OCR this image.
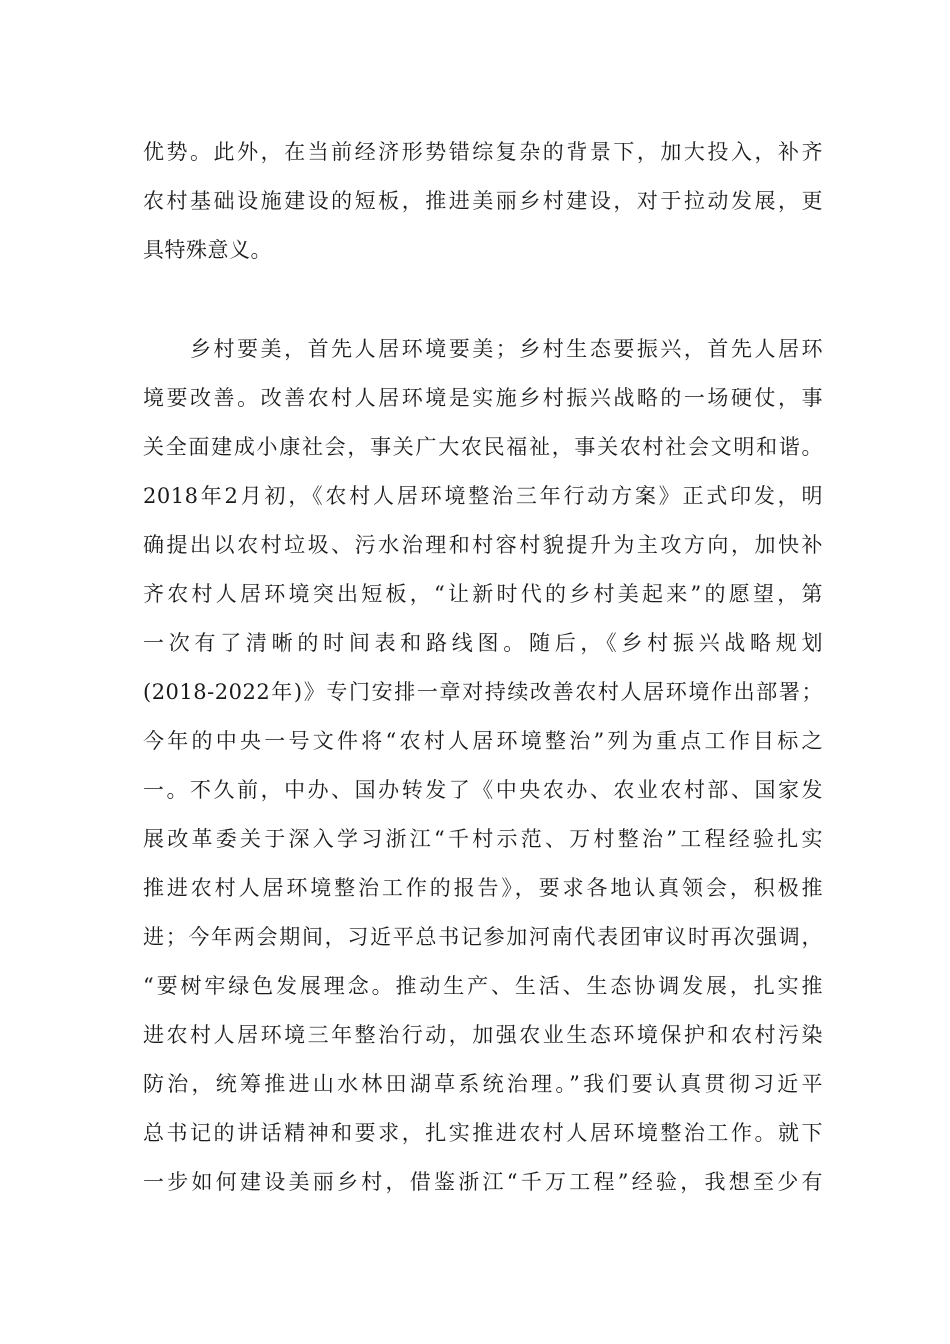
优势。此外，在当前经济形势错综复杂的背景下，加大投入，补齐
农村基础设施建设的短板，推进美丽乡村建设，对于拉动发展，更
具特殊意义。
乡村要美，首先人居环境要美；乡村生态要振兴，首先人居环
境要改善。改善农村人居环境是实施乡村振兴战略的一场硬仗，事
关全面建成小康社会，事关广大农民福祉，事关农村社会文明和谐。
2018年2月初，《农村人居环境整治三年行动方案》正式印发，明
确提出以农村垃圾、污水治理和村容村貌提升为主攻方向，加快补
齐农村人居环境突出短板，“让新时代的乡村美起来”的愿望，第
一次有了清晰的时间表和路线图。随后，《乡村振兴战略规划
(2018-2022年)》专门安排一章对持续改善农村人居环境作出部署；
今年的中央一号文件将“农村人居环境整治”列为重点工作目标之
一。不久前，中办、国办转发了《中央农办、农业农村部、国家发
展改革委关于深入学习浙江“千村示范、万村整治”工程经验扎实
推进农村人居环境整治工作的报告》，要求各地认真领会，积极推
进；今年两会期间，习近平总书记参加河南代表团审议时再次强调，
“要树牢绿色发展理念。推动生产、生活、生态协调发展，扎实推
进农村人居环境三年整治行动，加强农业生态环境保护和农村污染
防治，统筹推进山水林田湖草系统治理。”我们要认真贯彻习近平
总书记的讲话精神和要求，扎实推进农村人居环境整治工作。就下
一步如何建设美丽乡村，借鉴浙江“千万工程”经验，我想至少有
